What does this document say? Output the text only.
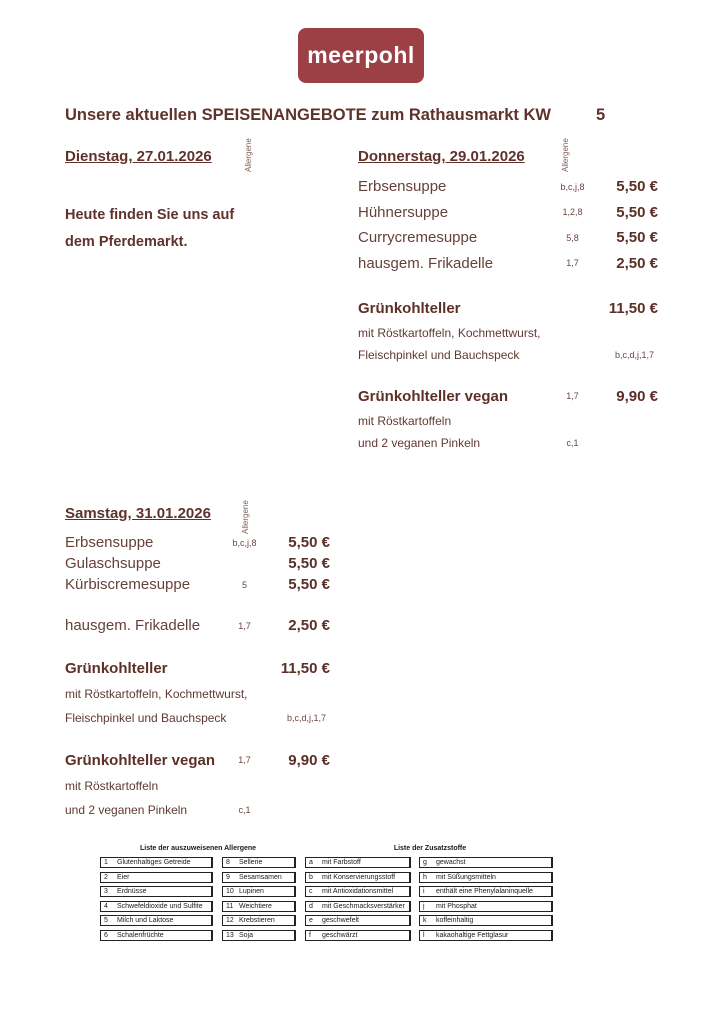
meerpohl
Unsere aktuellen SPEISENANGEBOTE zum Rathausmarkt KW	5
Allergene	Allergene
Allergene
Dienstag, 27.01.2026
Heute finden Sie uns auf
dem Pferdemarkt.
Donnerstag, 29.01.2026
Erbsensuppe	b,c,j,8	5,50 €
Hühnersuppe	1,2,8	5,50 €
Currycremesuppe	5,8	5,50 €
hausgem. Frikadelle	1,7	2,50 €
Grünkohlteller	11,50 €
mit Röstkartoffeln, Kochmettwurst,
Fleischpinkel und Bauchspeck	b,c,d,j,1,7
Grünkohlteller vegan	1,7	9,90 €
mit Röstkartoffeln
und 2 veganen Pinkeln	c,1
Samstag, 31.01.2026
Erbsensuppe	b,c,j,8	5,50 €
Gulaschsuppe	5,50 €
Kürbiscremesuppe	5	5,50 €
hausgem. Frikadelle	1,7	2,50 €
Grünkohlteller	11,50 €
mit Röstkartoffeln, Kochmettwurst,
Fleischpinkel und Bauchspeck	b,c,d,j,1,7
Grünkohlteller vegan	1,7	9,90 €
mit Röstkartoffeln
und 2 veganen Pinkeln	c,1
Liste der auszuweisenen Allergene	Liste der Zusatzstoffe
1	Glutenhaltiges Getreide
2	Eier
3	Erdnüsse
4	Schwefeldioxide und Sulfite
5	Milch und Laktose
6	Schalenfrüchte
8	Sellerie
9	Sesamsamen
10 Lupinen
11 Weichtiere
12 Krebstieren
13 Soja
a	mit Farbstoff
b	mit Konservierungsstoff
c	mit Antioxidationsmittel
d	mit Geschmacksverstärker
e	geschwefelt
f	geschwärzt
g	gewachst
h	mit Süßungsmitteln
i	enthält eine Phenylalaninquelle
j	mit Phosphat
k	koffeinhaltig
l	kakaohaltige Fettglasur
